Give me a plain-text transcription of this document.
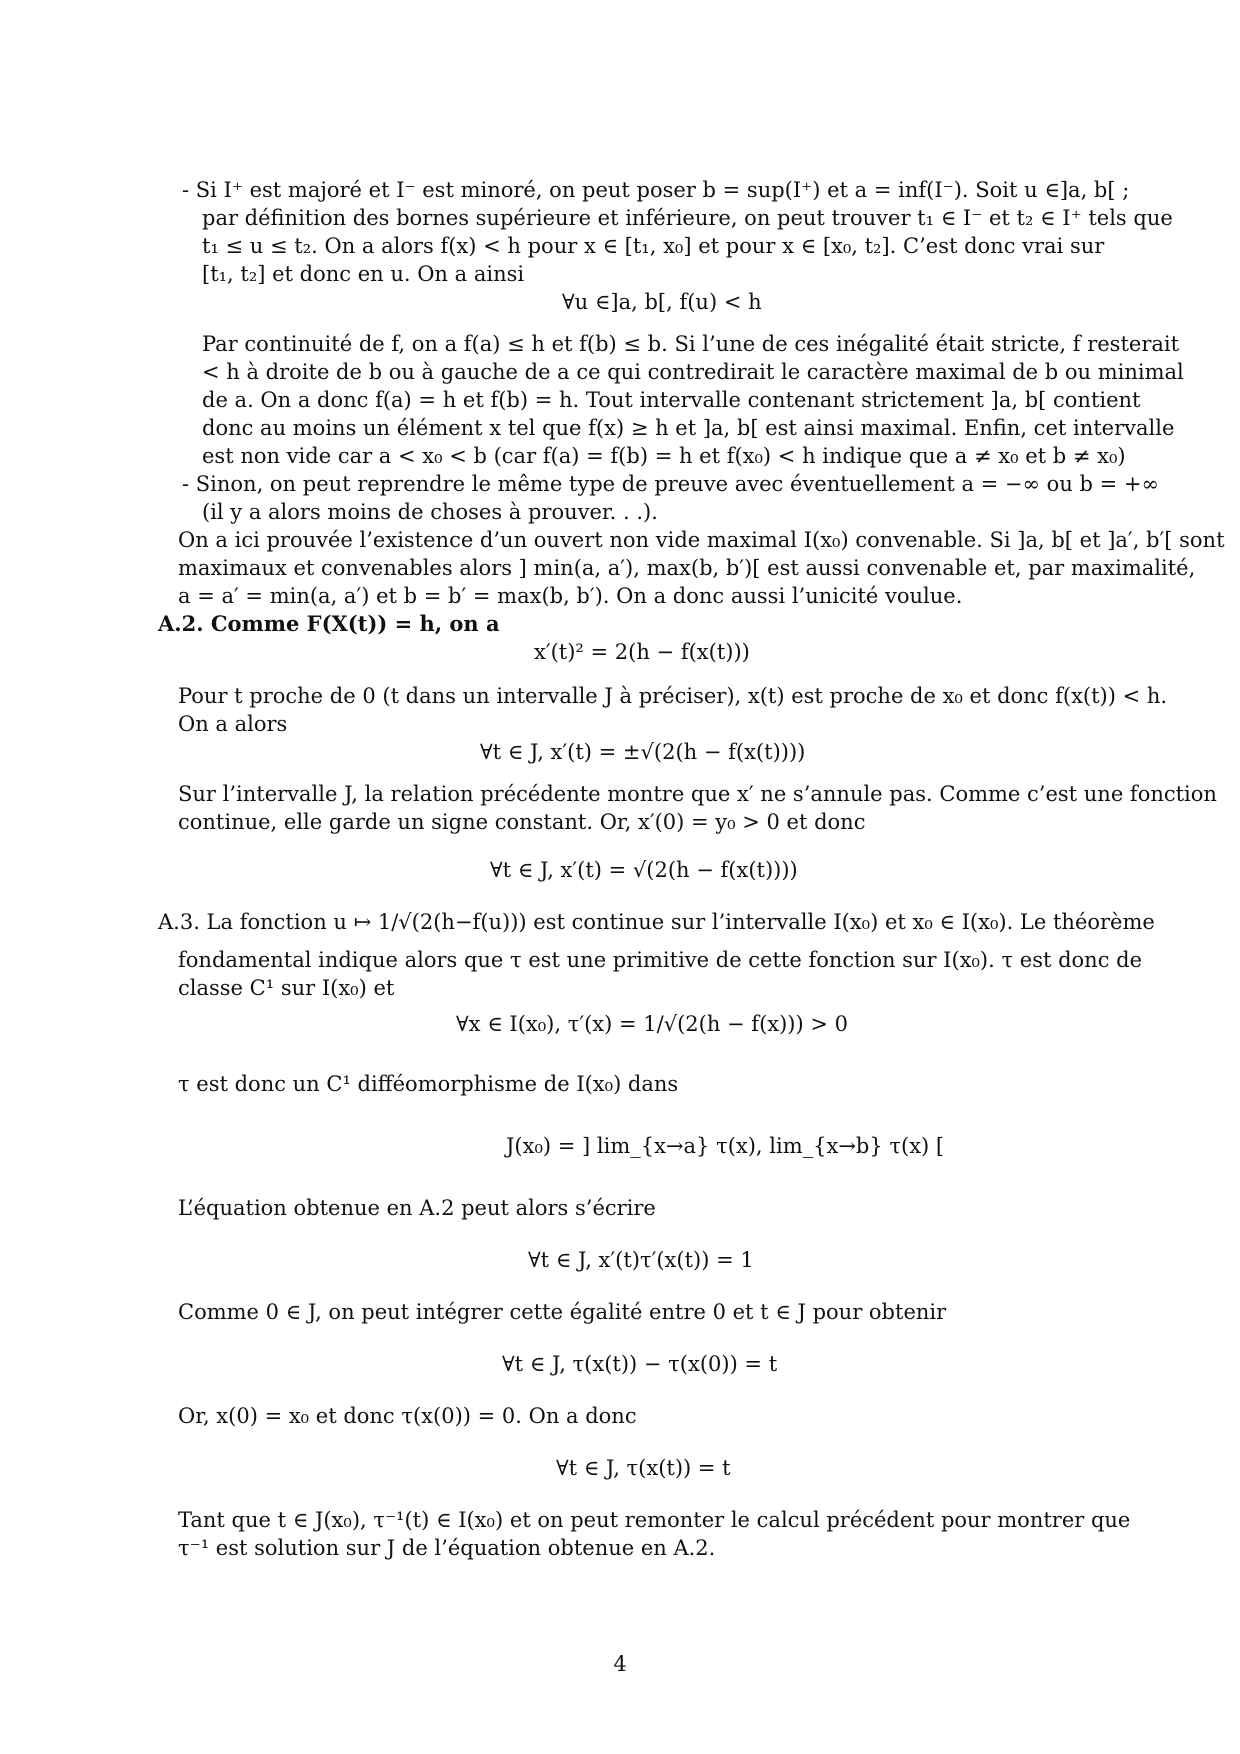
- Si I⁺ est majoré et I⁻ est minoré, on peut poser b = sup(I⁺) et a = inf(I⁻). Soit u ∈]a, b[ ;

par définition des bornes supérieure et inférieure, on peut trouver t₁ ∈ I⁻ et t₂ ∈ I⁺ tels que

t₁ ≤ u ≤ t₂. On a alors f(x) < h pour x ∈ [t₁, x₀] et pour x ∈ [x₀, t₂]. C’est donc vrai sur

[t₁, t₂] et donc en u. On a ainsi

∀u ∈]a, b[, f(u) < h

Par continuité de f, on a f(a) ≤ h et f(b) ≤ b. Si l’une de ces inégalité était stricte, f resterait

< h à droite de b ou à gauche de a ce qui contredirait le caractère maximal de b ou minimal

de a. On a donc f(a) = h et f(b) = h. Tout intervalle contenant strictement ]a, b[ contient

donc au moins un élément x tel que f(x) ≥ h et ]a, b[ est ainsi maximal. Enfin, cet intervalle

est non vide car a < x₀ < b (car f(a) = f(b) = h et f(x₀) < h indique que a ≠ x₀ et b ≠ x₀)

- Sinon, on peut reprendre le même type de preuve avec éventuellement a = −∞ ou b = +∞

(il y a alors moins de choses à prouver. . .).

On a ici prouvée l’existence d’un ouvert non vide maximal I(x₀) convenable. Si ]a, b[ et ]a′, b′[ sont

maximaux et convenables alors ] min(a, a′), max(b, b′)[ est aussi convenable et, par maximalité,

a = a′ = min(a, a′) et b = b′ = max(b, b′). On a donc aussi l’unicité voulue.

A.2. Comme F(X(t)) = h, on a

x′(t)² = 2(h − f(x(t)))

Pour t proche de 0 (t dans un intervalle J à préciser), x(t) est proche de x₀ et donc f(x(t)) < h.

On a alors

∀t ∈ J, x′(t) = ±√(2(h − f(x(t))))

Sur l’intervalle J, la relation précédente montre que x′ ne s’annule pas. Comme c’est une fonction

continue, elle garde un signe constant. Or, x′(0) = y₀ > 0 et donc

∀t ∈ J, x′(t) = √(2(h − f(x(t))))

A.3. La fonction u ↦ 1/√(2(h−f(u))) est continue sur l’intervalle I(x₀) et x₀ ∈ I(x₀). Le théorème

fondamental indique alors que τ est une primitive de cette fonction sur I(x₀). τ est donc de

classe C¹ sur I(x₀) et

∀x ∈ I(x₀), τ′(x) = 1/√(2(h − f(x))) > 0

τ est donc un C¹ difféomorphisme de I(x₀) dans

J(x₀) = ] lim_{x→a} τ(x), lim_{x→b} τ(x) [

L’équation obtenue en A.2 peut alors s’écrire

∀t ∈ J, x′(t)τ′(x(t)) = 1

Comme 0 ∈ J, on peut intégrer cette égalité entre 0 et t ∈ J pour obtenir

∀t ∈ J, τ(x(t)) − τ(x(0)) = t

Or, x(0) = x₀ et donc τ(x(0)) = 0. On a donc

∀t ∈ J, τ(x(t)) = t

Tant que t ∈ J(x₀), τ⁻¹(t) ∈ I(x₀) et on peut remonter le calcul précédent pour montrer que

τ⁻¹ est solution sur J de l’équation obtenue en A.2.

4
